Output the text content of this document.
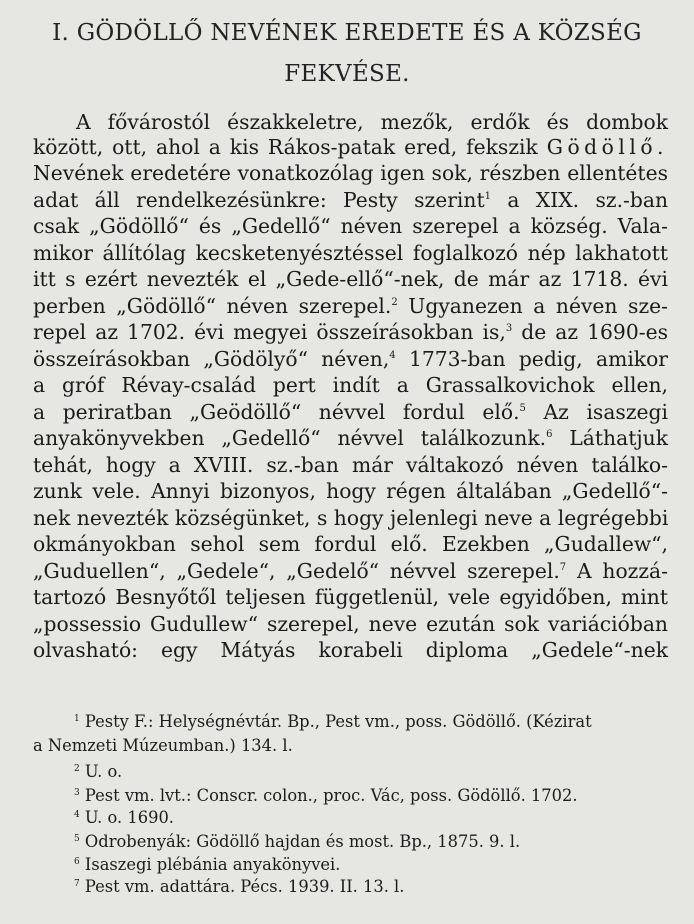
I. GÖDÖLLŐ NEVÉNEK EREDETE ÉS A KÖZSÉG
FEKVÉSE.
A fővárostól északkeletre, mezők, erdők és dombok
között, ott, ahol a kis Rákos-patak ered, fekszik Gödöllő.
Nevének eredetére vonatkozólag igen sok, részben ellentétes
adat áll rendelkezésünkre: Pesty szerint$^1$ a XIX. sz.-ban
csak „Gödöllő“ és „Gedellő“ néven szerepel a község. Vala-
mikor állítólag kecsketenyésztéssel foglalkozó nép lakhatott
itt s ezért nevezték el „Gede-ellő“-nek, de már az 1718. évi
perben „Gödöllő“ néven szerepel.$^2$ Ugyanezen a néven sze-
repel az 1702. évi megyei összeírásokban is,$^3$ de az 1690-es
összeírásokban „Gödölyő“ néven,$^4$ 1773-ban pedig, amikor
a gróf Révay-család pert indít a Grassalkovichok ellen,
a periratban „Geödöllő“ névvel fordul elő.$^5$ Az isaszegi
anyakönyvekben „Gedellő“ névvel találkozunk.$^6$ Láthatjuk
tehát, hogy a XVIII. sz.-ban már váltakozó néven találko-
zunk vele. Annyi bizonyos, hogy régen általában „Gedellő“-
nek nevezték községünket, s hogy jelenlegi neve a legrégebbi
okmányokban sehol sem fordul elő. Ezekben „Gudallew“,
„Guduellen“, „Gedele“, „Gedelő“ névvel szerepel.$^7$ A hozzá-
tartozó Besnyőtől teljesen függetlenül, vele egyidőben, mint
„possessio Gudullew“ szerepel, neve ezután sok variációban
olvasható: egy Mátyás korabeli diploma „Gedele“-nek
$^1$ Pesty F.: Helységnévtár. Bp., Pest vm., poss. Gödöllő. (Kézirat
a Nemzeti Múzeumban.) 134. l.
$^2$ U. o.
$^3$ Pest vm. lvt.: Conscr. colon., proc. Vác, poss. Gödöllő. 1702.
$^4$ U. o. 1690.
$^5$ Odrobenyák: Gödöllő hajdan és most. Bp., 1875. 9. l.
$^6$ Isaszegi plébánia anyakönyvei.
$^7$ Pest vm. adattára. Pécs. 1939. II. 13. l.
